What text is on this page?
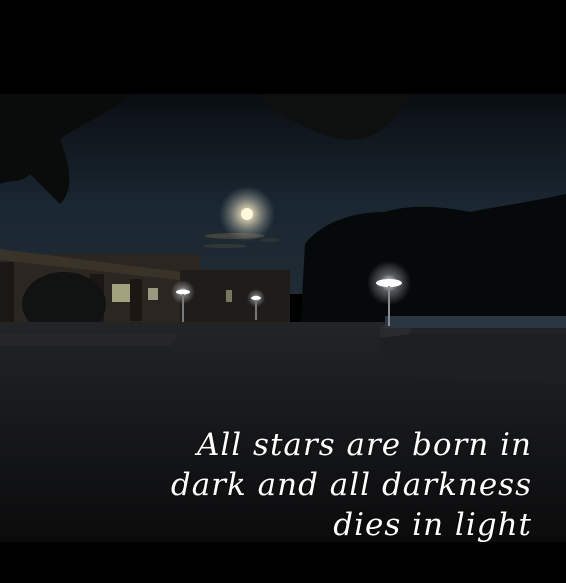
All stars are born in
dark and all darkness
dies in light
